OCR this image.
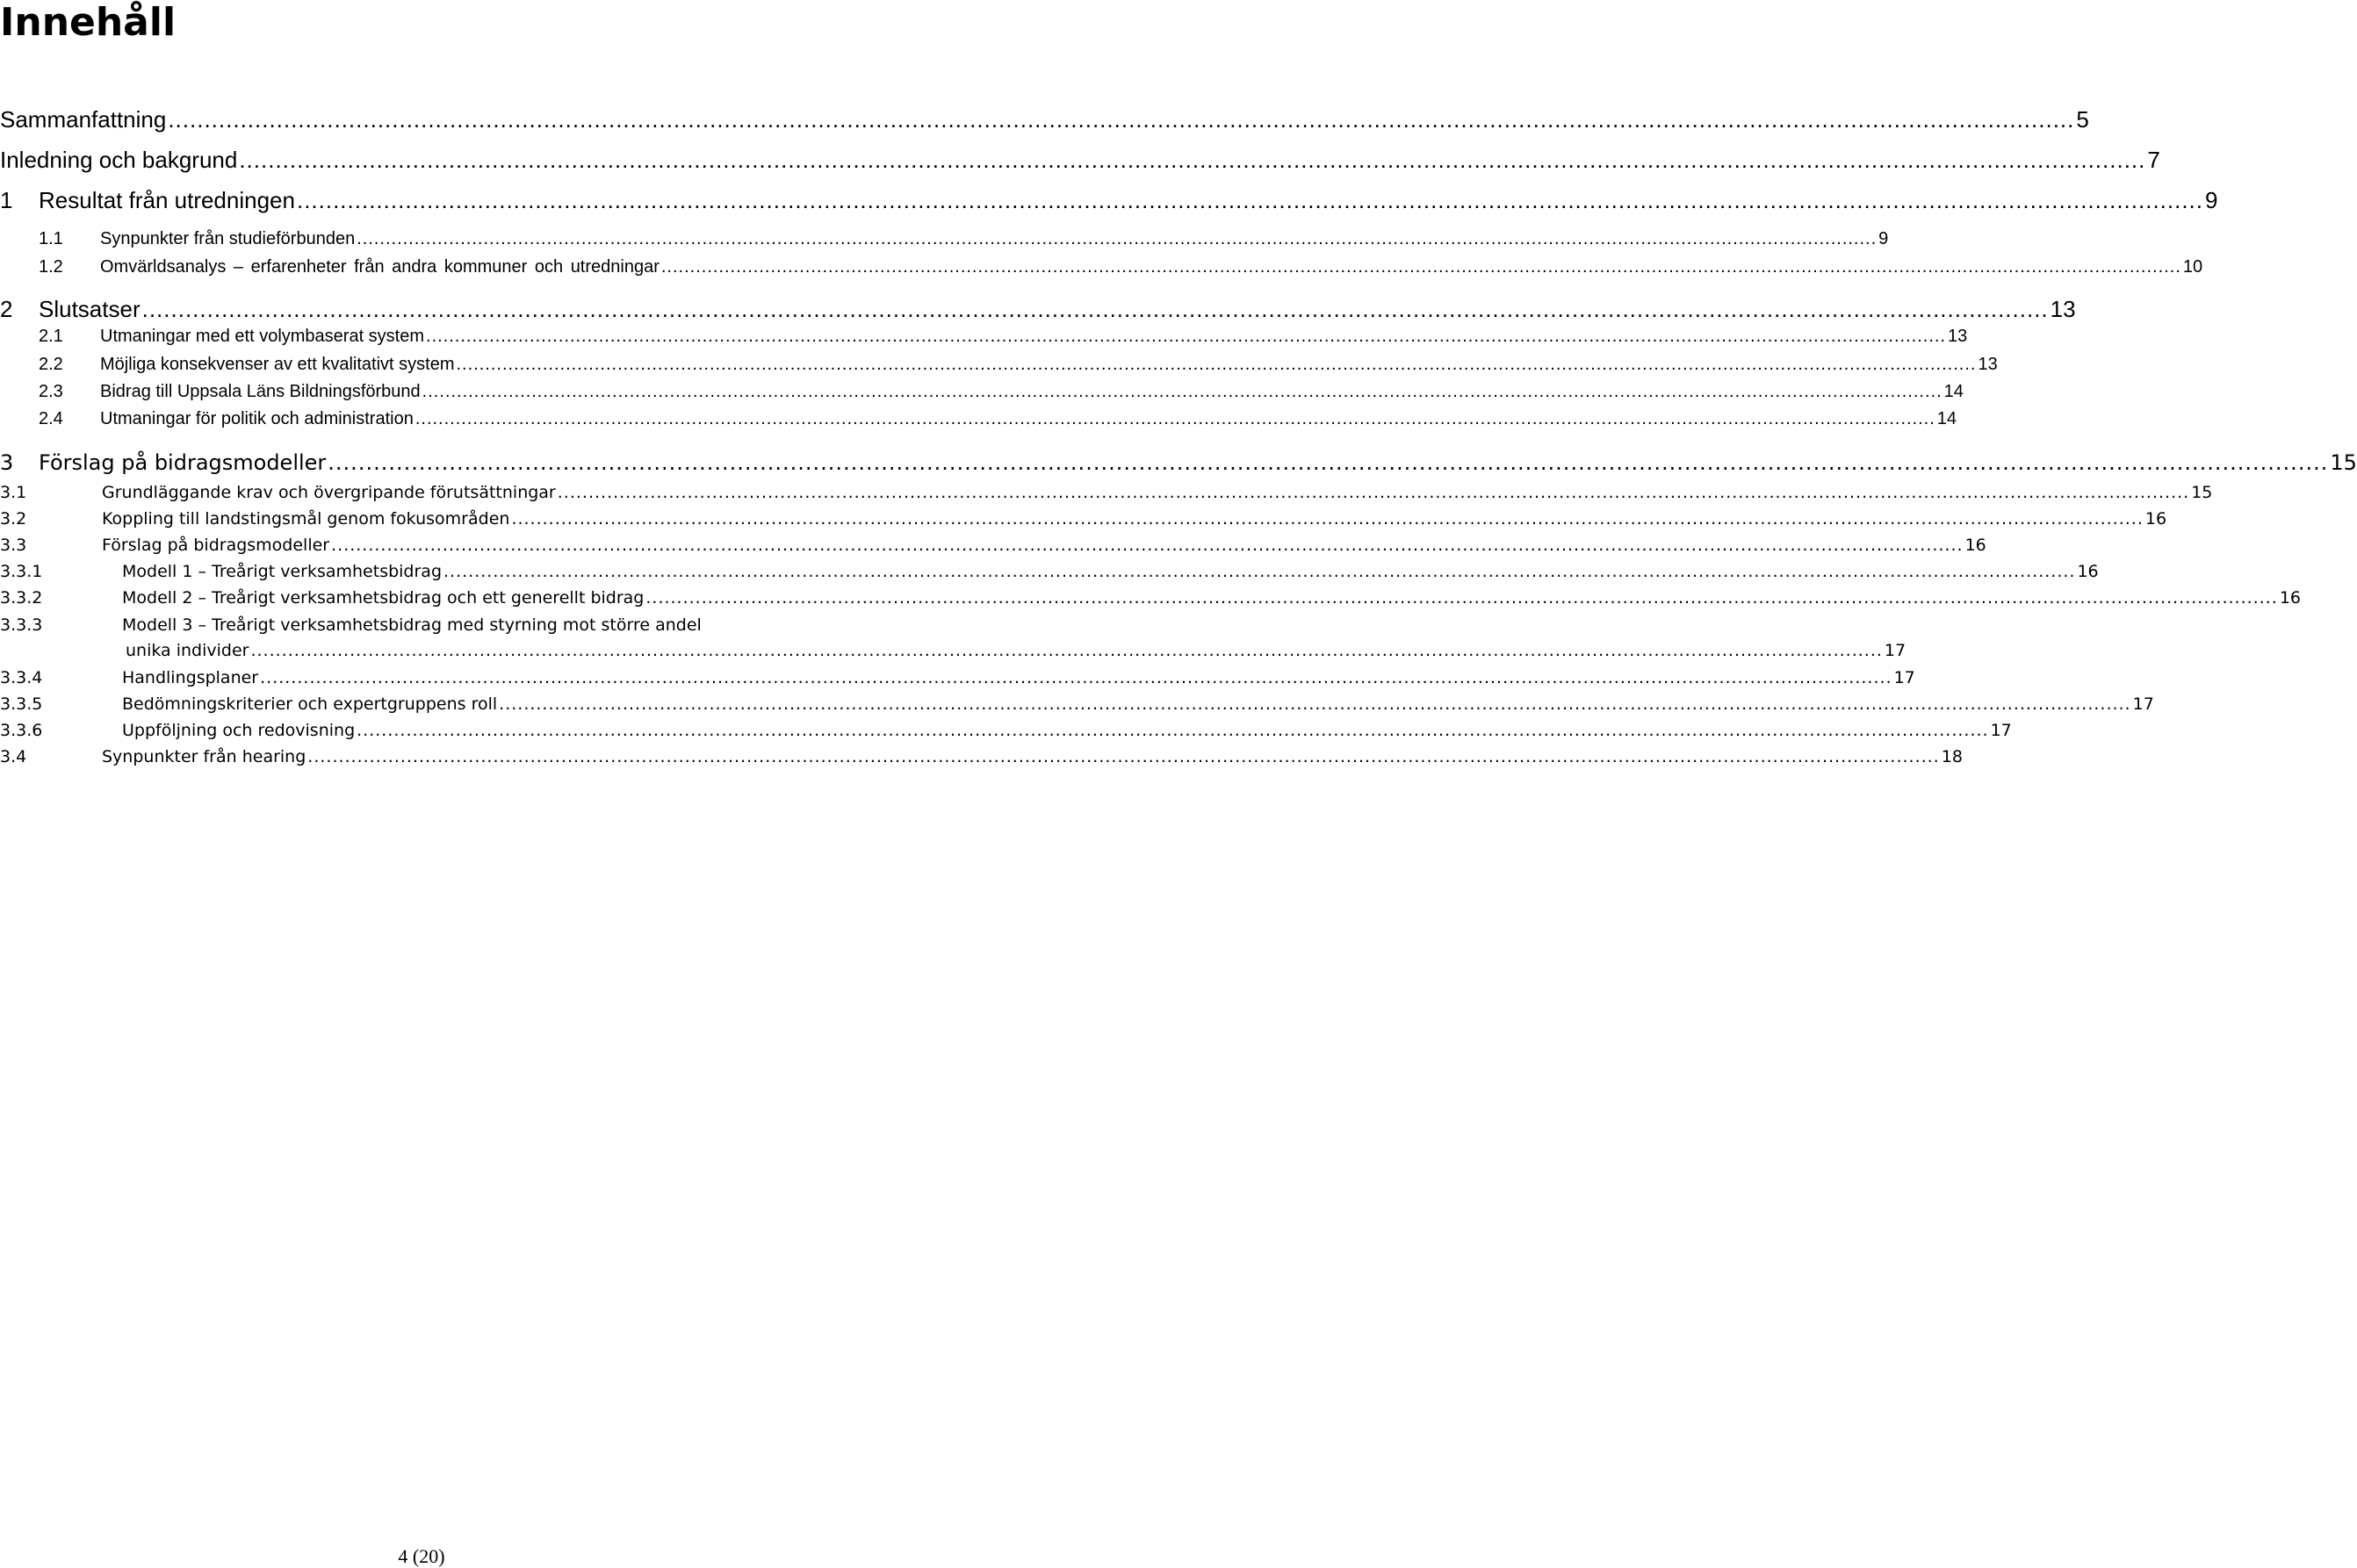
Innehåll
Sammanfattning .....	5
Inledning och bakgrund .....	7
1 Resultat från utredningen .....	9
1.1 Synpunkter från studieförbunden .....	9
1.2 Omvärldsanalys – erfarenheter från andra kommuner och utredningar .....	10
2 Slutsatser .....	13
2.1 Utmaningar med ett volymbaserat system .....	13
2.2 Möjliga konsekvenser av ett kvalitativt system .....	13
2.3 Bidrag till Uppsala Läns Bildningsförbund .....	14
2.4 Utmaningar för politik och administration .....	14
3 Förslag på bidragsmodeller .....	15
3.1	Grundläggande krav och övergripande förutsättningar .....	15
3.2	Koppling till landstingsmål genom fokusområden .....	16
3.3	Förslag på bidragsmodeller .....	16
3.3.1	Modell 1 – Treårigt verksamhetsbidrag .....	16
3.3.2	Modell 2 – Treårigt verksamhetsbidrag och ett generellt bidrag .....	16
3.3.3	Modell 3 – Treårigt verksamhetsbidrag med styrning mot större andel
unika individer .....	17
3.3.4	Handlingsplaner .....	17
3.3.5	Bedömningskriterier och expertgruppens roll .....	17
3.3.6	Uppföljning och redovisning .....	17
3.4	Synpunkter från hearing .....	18
4 (20)
